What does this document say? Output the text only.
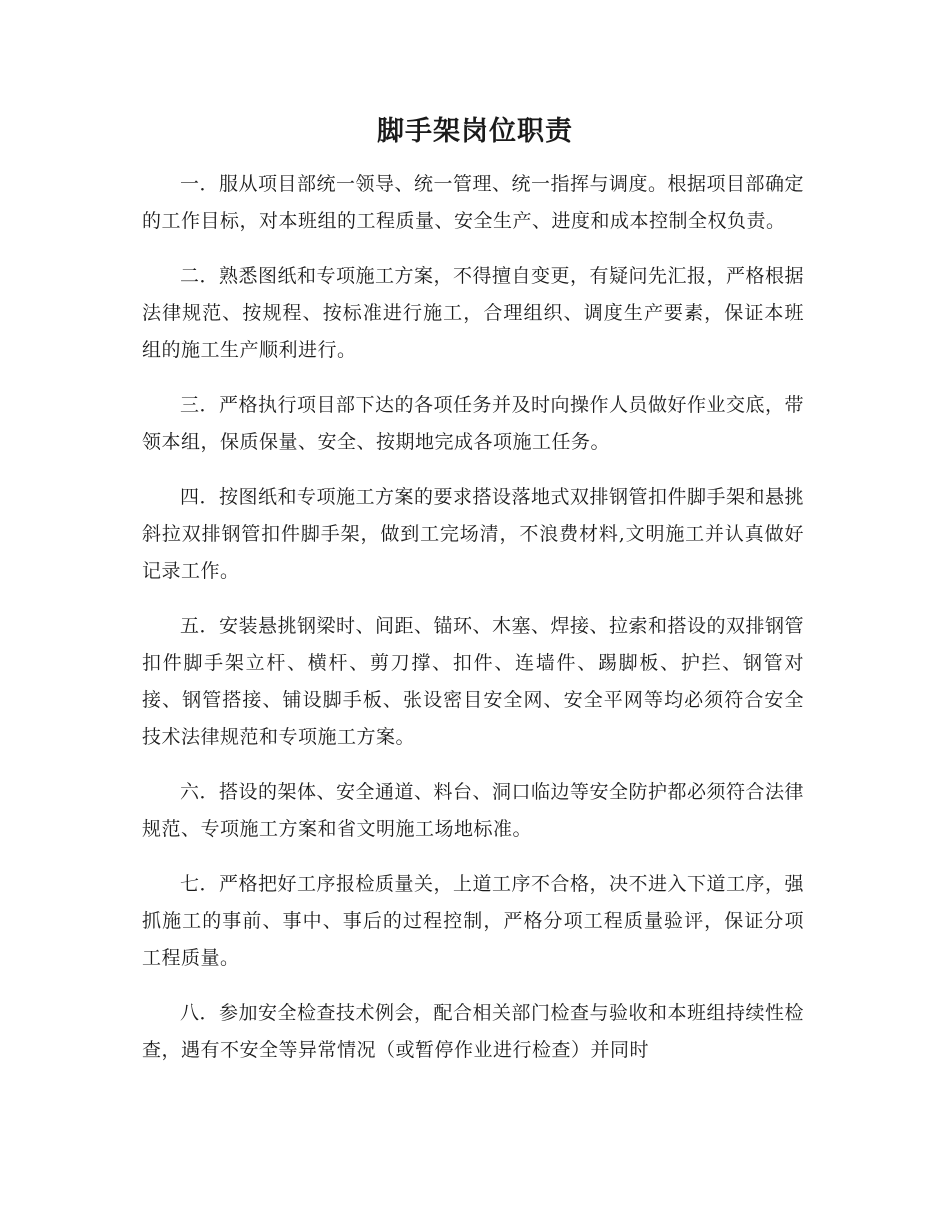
脚手架岗位职责

一．服从项目部统一领导、统一管理、统一指挥与调度。根据项目部确定的工作目标，对本班组的工程质量、安全生产、进度和成本控制全权负责。

二．熟悉图纸和专项施工方案，不得擅自变更，有疑问先汇报，严格根据法律规范、按规程、按标准进行施工，合理组织、调度生产要素，保证本班组的施工生产顺利进行。

三．严格执行项目部下达的各项任务并及时向操作人员做好作业交底，带领本组，保质保量、安全、按期地完成各项施工任务。

四．按图纸和专项施工方案的要求搭设落地式双排钢管扣件脚手架和悬挑斜拉双排钢管扣件脚手架，做到工完场清，不浪费材料,文明施工并认真做好记录工作。

五．安装悬挑钢梁时、间距、锚环、木塞、焊接、拉索和搭设的双排钢管扣件脚手架立杆、横杆、剪刀撑、扣件、连墙件、踢脚板、护拦、钢管对接、钢管搭接、铺设脚手板、张设密目安全网、安全平网等均必须符合安全技术法律规范和专项施工方案。

六．搭设的架体、安全通道、料台、洞口临边等安全防护都必须符合法律规范、专项施工方案和省文明施工场地标准。

七．严格把好工序报检质量关，上道工序不合格，决不进入下道工序，强抓施工的事前、事中、事后的过程控制，严格分项工程质量验评，保证分项工程质量。

八．参加安全检查技术例会，配合相关部门检查与验收和本班组持续性检查，遇有不安全等异常情况（或暂停作业进行检查）并同时
